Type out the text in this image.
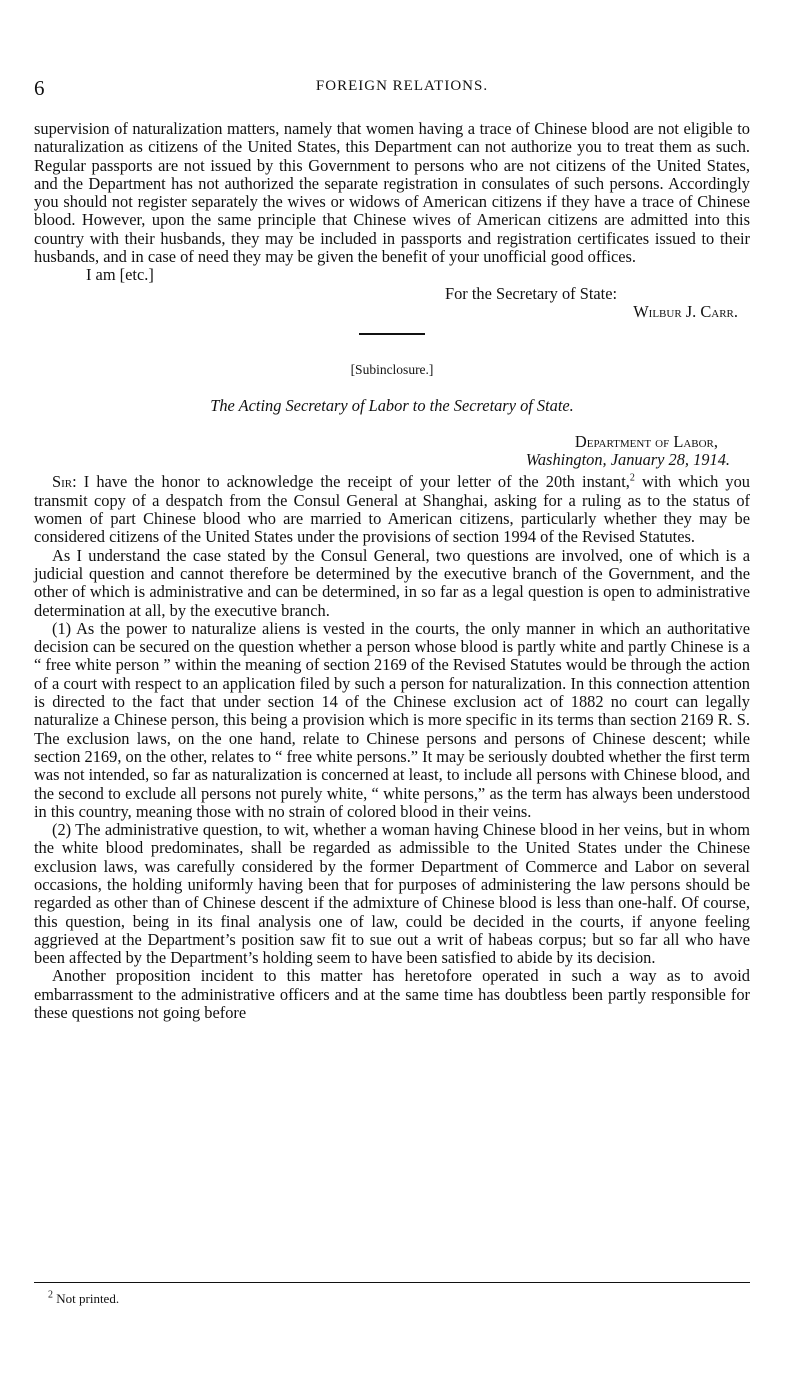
6	FOREIGN RELATIONS.

supervision of naturalization matters, namely that women having a trace of Chinese blood are not eligible to naturalization as citizens of the United States, this Department can not authorize you to treat them as such. Regular passports are not issued by this Government to persons who are not citizens of the United States, and the Department has not authorized the separate registration in consulates of such persons. Accordingly you should not register separately the wives or widows of American citizens if they have a trace of Chinese blood. However, upon the same principle that Chinese wives of American citizens are admitted into this country with their husbands, they may be included in passports and registration certificates issued to their husbands, and in case of need they may be given the benefit of your unofficial good offices.

I am [etc.]

For the Secretary of State:

Wilbur J. Carr.

[Subinclosure.]
The Acting Secretary of Labor to the Secretary of State.
Department of Labor,
Washington, January 28, 1914.

Sir: I have the honor to acknowledge the receipt of your letter of the 20th instant,$^2$ with which you transmit copy of a despatch from the Consul General at Shanghai, asking for a ruling as to the status of women of part Chinese blood who are married to American citizens, particularly whether they may be considered citizens of the United States under the provisions of section 1994 of the Revised Statutes.

As I understand the case stated by the Consul General, two questions are involved, one of which is a judicial question and cannot therefore be determined by the executive branch of the Government, and the other of which is administrative and can be determined, in so far as a legal question is open to administrative determination at all, by the executive branch.

(1) As the power to naturalize aliens is vested in the courts, the only manner in which an authoritative decision can be secured on the question whether a person whose blood is partly white and partly Chinese is a “ free white person ” within the meaning of section 2169 of the Revised Statutes would be through the action of a court with respect to an application filed by such a person for naturalization. In this connection attention is directed to the fact that under section 14 of the Chinese exclusion act of 1882 no court can legally naturalize a Chinese person, this being a provision which is more specific in its terms than section 2169 R. S. The exclusion laws, on the one hand, relate to Chinese persons and persons of Chinese descent; while section 2169, on the other, relates to “ free white persons.” It may be seriously doubted whether the first term was not intended, so far as naturalization is concerned at least, to include all persons with Chinese blood, and the second to exclude all persons not purely white, “ white persons,” as the term has always been understood in this country, meaning those with no strain of colored blood in their veins.

(2) The administrative question, to wit, whether a woman having Chinese blood in her veins, but in whom the white blood predominates, shall be regarded as admissible to the United States under the Chinese exclusion laws, was carefully considered by the former Department of Commerce and Labor on several occasions, the holding uniformly having been that for purposes of administering the law persons should be regarded as other than of Chinese descent if the admixture of Chinese blood is less than one-half. Of course, this question, being in its final analysis one of law, could be decided in the courts, if anyone feeling aggrieved at the Department’s position saw fit to sue out a writ of habeas corpus; but so far all who have been affected by the Department’s holding seem to have been satisfied to abide by its decision.

Another proposition incident to this matter has heretofore operated in such a way as to avoid embarrassment to the administrative officers and at the same time has doubtless been partly responsible for these questions not going before

$^2$ Not printed.
